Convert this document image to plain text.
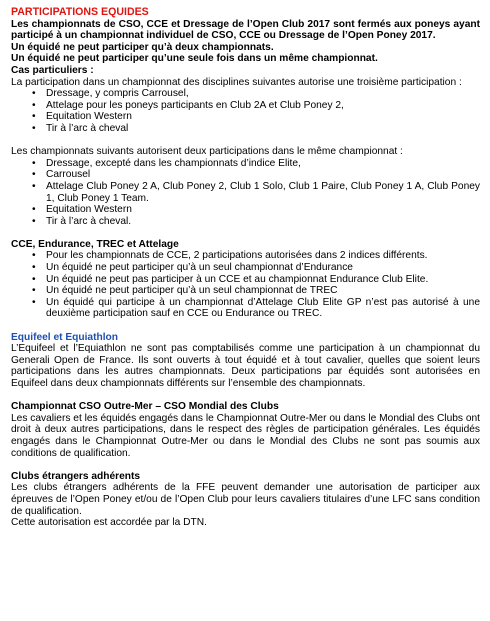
PARTICIPATIONS EQUIDES
Les championnats de CSO, CCE et Dressage de l’Open Club 2017 sont fermés aux poneys ayant participé à un championnat individuel de CSO, CCE ou Dressage de l’Open Poney 2017.
Un équidé ne peut participer qu’à deux championnats.
Un équidé ne peut participer qu’une seule fois dans un même championnat.
Cas particuliers :
La participation dans un championnat des disciplines suivantes autorise une troisième participation :
• Dressage, y compris Carrousel,
• Attelage pour les poneys participants en Club 2A et Club Poney 2,
• Equitation Western
• Tir à l’arc à cheval
Les championnats suivants autorisent deux participations dans le même championnat :
• Dressage, excepté dans les championnats d’indice Elite,
• Carrousel
• Attelage Club Poney 2 A, Club Poney 2, Club 1 Solo, Club 1 Paire, Club Poney 1 A, Club Poney 1, Club Poney 1 Team.
• Equitation Western
• Tir à l’arc à cheval.
CCE, Endurance, TREC et Attelage
• Pour les championnats de CCE, 2 participations autorisées dans 2 indices différents.
• Un équidé ne peut participer qu’à un seul championnat d’Endurance
• Un équidé ne peut pas participer à un CCE et au championnat Endurance Club Elite.
• Un équidé ne peut participer qu’à un seul championnat de TREC
• Un équidé qui participe à un championnat d’Attelage Club Elite GP n’est pas autorisé à une deuxième participation sauf en CCE ou Endurance ou TREC.
Equifeel et Equiathlon
L’Equifeel et l’Equiathlon ne sont pas comptabilisés comme une participation à un championnat du Generali Open de France. Ils sont ouverts à tout équidé et à tout cavalier, quelles que soient leurs participations dans les autres championnats. Deux participations par équidés sont autorisées en Equifeel dans deux championnats différents sur l’ensemble des championnats.
Championnat CSO Outre-Mer – CSO Mondial des Clubs
Les cavaliers et les équidés engagés dans le Championnat Outre-Mer ou dans le Mondial des Clubs ont droit à deux autres participations, dans le respect des règles de participation générales. Les équidés engagés dans le Championnat Outre-Mer ou dans le Mondial des Clubs ne sont pas soumis aux conditions de qualification.
Clubs étrangers adhérents
Les clubs étrangers adhérents de la FFE peuvent demander une autorisation de participer aux épreuves de l’Open Poney et/ou de l’Open Club pour leurs cavaliers titulaires d’une LFC sans condition de qualification.
Cette autorisation est accordée par la DTN.
